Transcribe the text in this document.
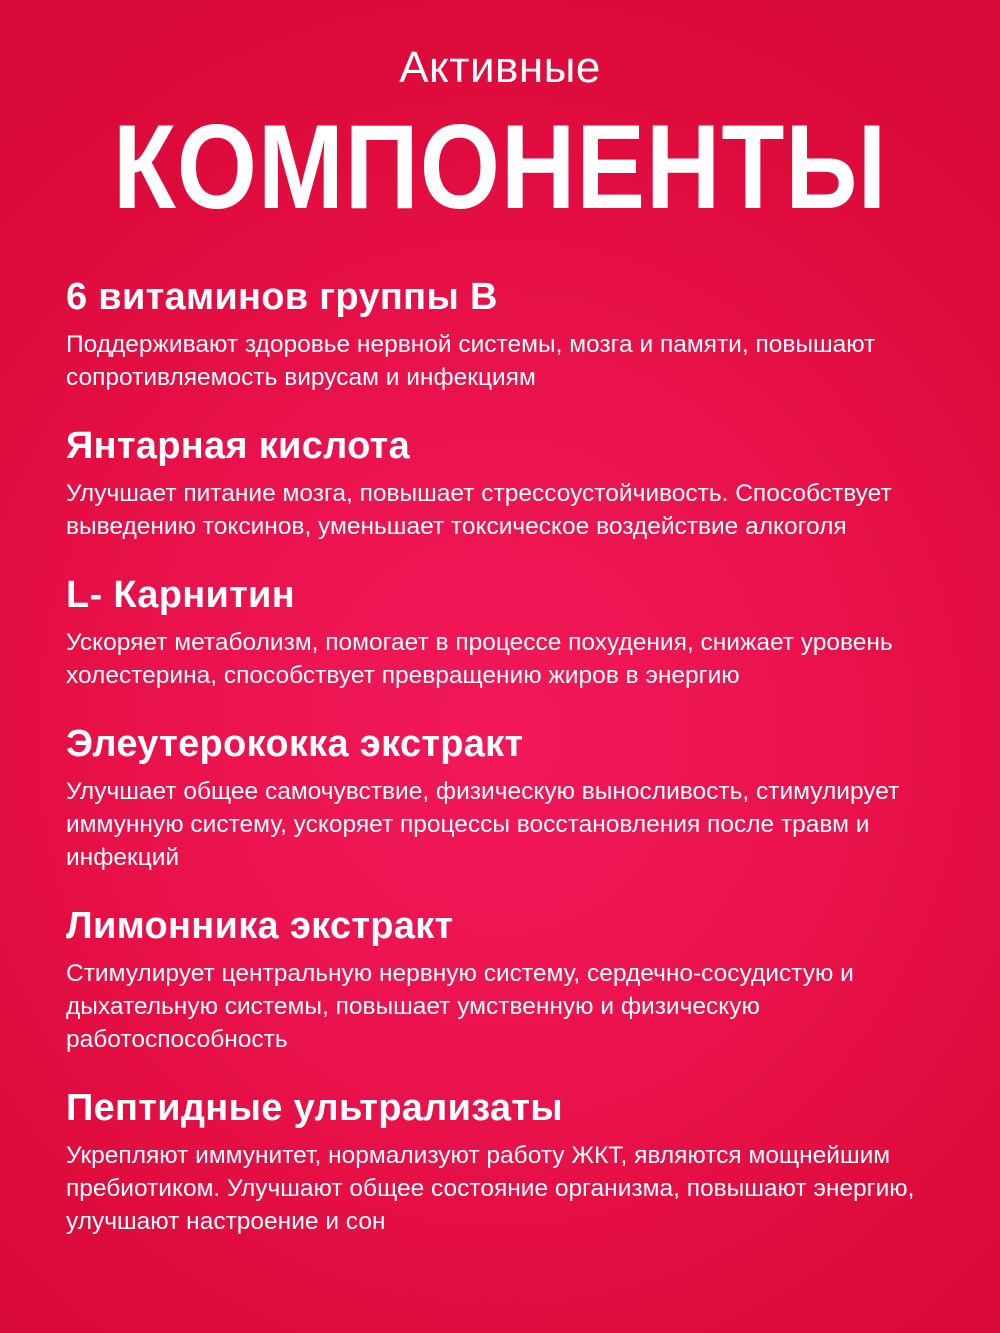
Активные
КОМПОНЕНТЫ
6 витаминов группы B
Поддерживают здоровье нервной системы, мозга и памяти, повышают сопротивляемость вирусам и инфекциям
Янтарная кислота
Улучшает питание мозга, повышает стрессоустойчивость. Способствует выведению токсинов, уменьшает токсическое воздействие алкоголя
L- Карнитин
Ускоряет метаболизм, помогает в процессе похудения, снижает уровень холестерина, способствует превращению жиров в энергию
Элеутерококка экстракт
Улучшает общее самочувствие, физическую выносливость, стимулирует иммунную систему, ускоряет процессы восстановления после травм и инфекций
Лимонника экстракт
Стимулирует центральную нервную систему, сердечно-сосудистую и дыхательную системы, повышает умственную и физическую работоспособность
Пептидные ультрализаты
Укрепляют иммунитет, нормализуют работу ЖКТ, являются мощнейшим пребиотиком. Улучшают общее состояние организма, повышают энергию, улучшают настроение и сон
